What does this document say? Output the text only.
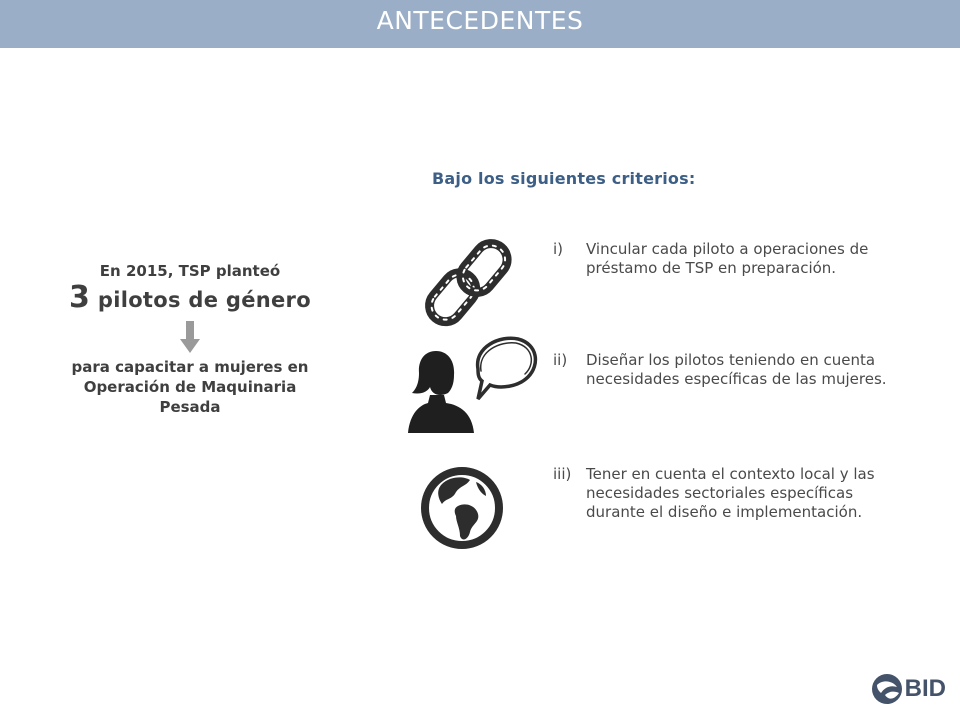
ANTECEDENTES
En 2015, TSP planteó
3 pilotos de género
para capacitar a mujeres en
Operación de Maquinaria
Pesada
Bajo los siguientes criterios:
i)	Vincular cada piloto a operaciones de préstamo de TSP en preparación.
ii)	Diseñar los pilotos teniendo en cuenta necesidades específicas de las mujeres.
iii) Tener en cuenta el contexto local y las necesidades sectoriales específicas durante el diseño e implementación.
BID
